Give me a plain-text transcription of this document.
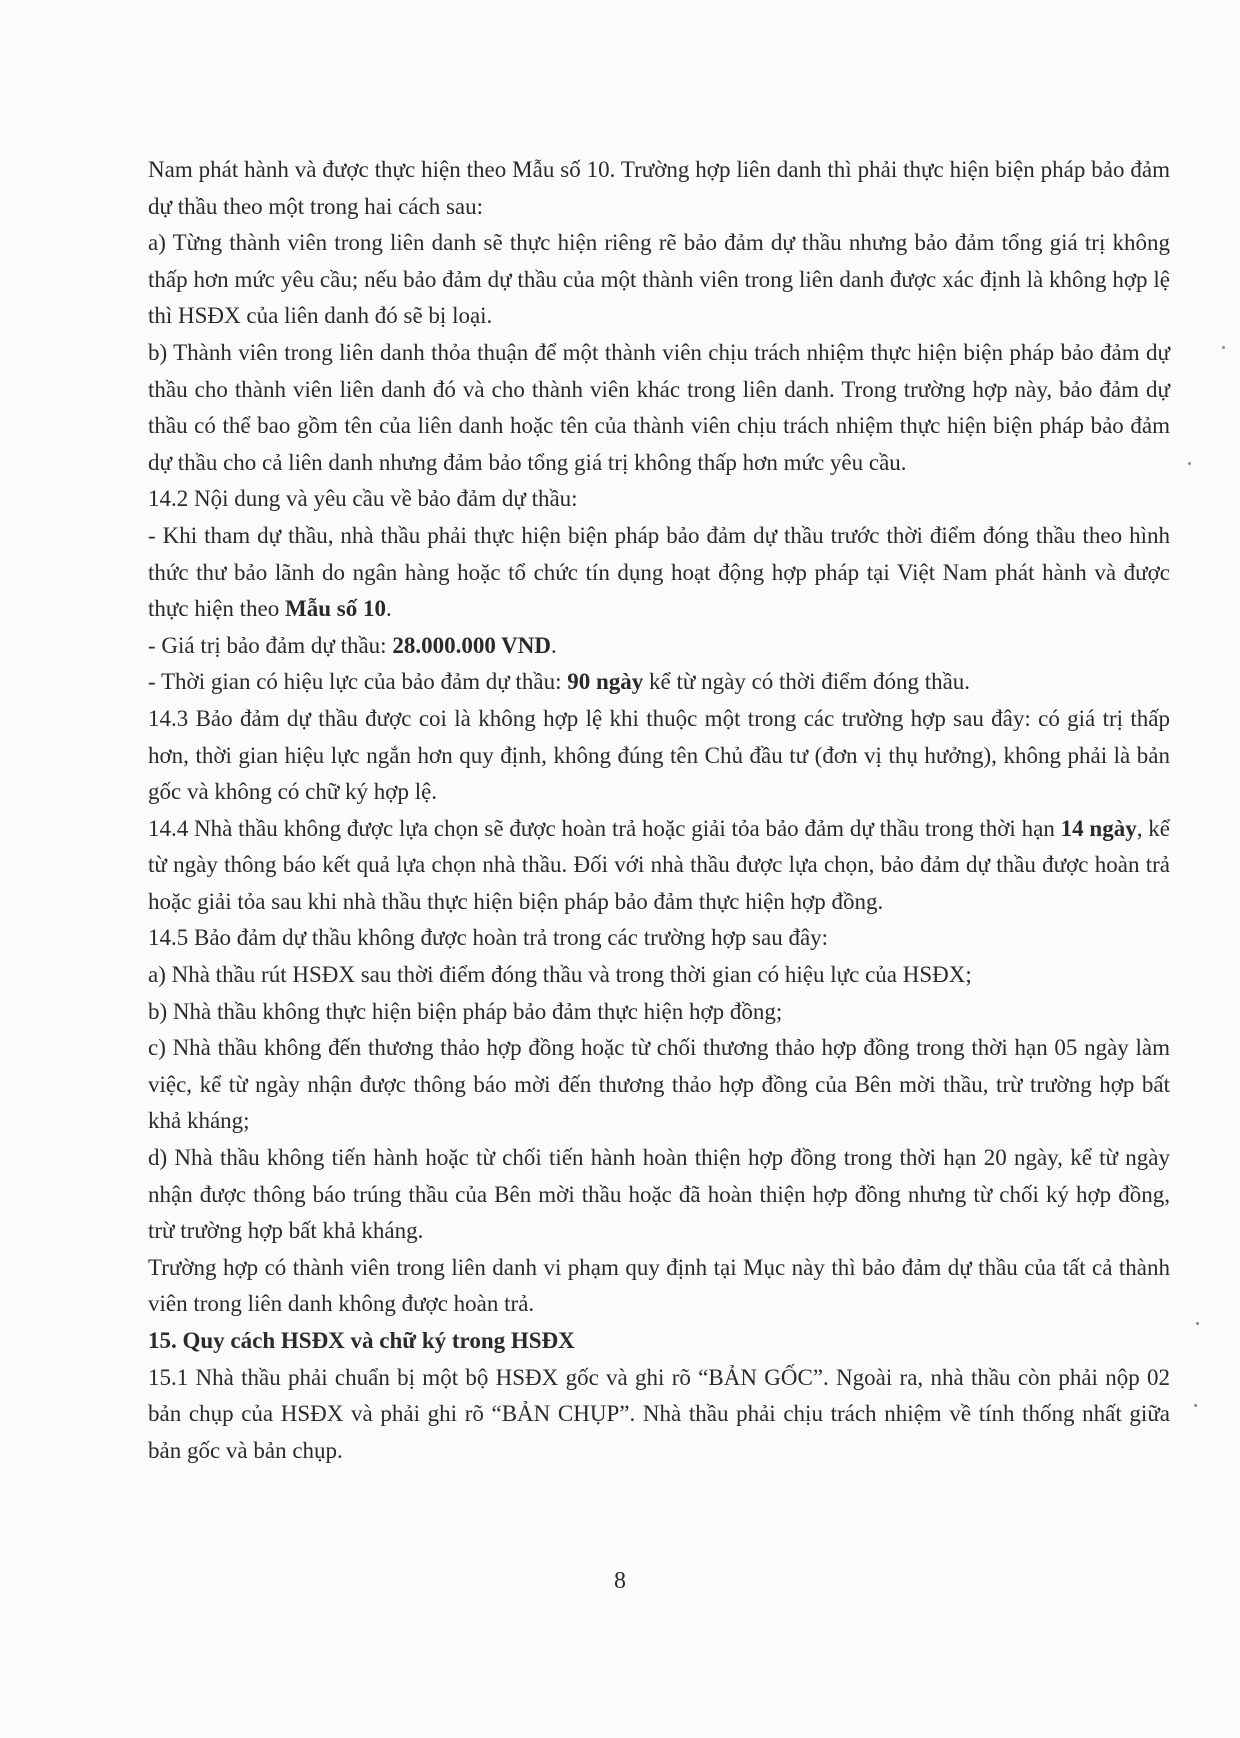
Nam phát hành và được thực hiện theo Mẫu số 10. Trường hợp liên danh thì phải thực hiện biện pháp bảo đảm dự thầu theo một trong hai cách sau:

a) Từng thành viên trong liên danh sẽ thực hiện riêng rẽ bảo đảm dự thầu nhưng bảo đảm tổng giá trị không thấp hơn mức yêu cầu; nếu bảo đảm dự thầu của một thành viên trong liên danh được xác định là không hợp lệ thì HSĐX của liên danh đó sẽ bị loại.

b) Thành viên trong liên danh thỏa thuận để một thành viên chịu trách nhiệm thực hiện biện pháp bảo đảm dự thầu cho thành viên liên danh đó và cho thành viên khác trong liên danh. Trong trường hợp này, bảo đảm dự thầu có thể bao gồm tên của liên danh hoặc tên của thành viên chịu trách nhiệm thực hiện biện pháp bảo đảm dự thầu cho cả liên danh nhưng đảm bảo tổng giá trị không thấp hơn mức yêu cầu.

14.2 Nội dung và yêu cầu về bảo đảm dự thầu:

- Khi tham dự thầu, nhà thầu phải thực hiện biện pháp bảo đảm dự thầu trước thời điểm đóng thầu theo hình thức thư bảo lãnh do ngân hàng hoặc tổ chức tín dụng hoạt động hợp pháp tại Việt Nam phát hành và được thực hiện theo Mẫu số 10.

- Giá trị bảo đảm dự thầu: 28.000.000 VND.

- Thời gian có hiệu lực của bảo đảm dự thầu: 90 ngày kể từ ngày có thời điểm đóng thầu.

14.3 Bảo đảm dự thầu được coi là không hợp lệ khi thuộc một trong các trường hợp sau đây: có giá trị thấp hơn, thời gian hiệu lực ngắn hơn quy định, không đúng tên Chủ đầu tư (đơn vị thụ hưởng), không phải là bản gốc và không có chữ ký hợp lệ.

14.4 Nhà thầu không được lựa chọn sẽ được hoàn trả hoặc giải tỏa bảo đảm dự thầu trong thời hạn 14 ngày, kể từ ngày thông báo kết quả lựa chọn nhà thầu. Đối với nhà thầu được lựa chọn, bảo đảm dự thầu được hoàn trả hoặc giải tỏa sau khi nhà thầu thực hiện biện pháp bảo đảm thực hiện hợp đồng.

14.5 Bảo đảm dự thầu không được hoàn trả trong các trường hợp sau đây:

a) Nhà thầu rút HSĐX sau thời điểm đóng thầu và trong thời gian có hiệu lực của HSĐX;

b) Nhà thầu không thực hiện biện pháp bảo đảm thực hiện hợp đồng;

c) Nhà thầu không đến thương thảo hợp đồng hoặc từ chối thương thảo hợp đồng trong thời hạn 05 ngày làm việc, kể từ ngày nhận được thông báo mời đến thương thảo hợp đồng của Bên mời thầu, trừ trường hợp bất khả kháng;

d) Nhà thầu không tiến hành hoặc từ chối tiến hành hoàn thiện hợp đồng trong thời hạn 20 ngày, kể từ ngày nhận được thông báo trúng thầu của Bên mời thầu hoặc đã hoàn thiện hợp đồng nhưng từ chối ký hợp đồng, trừ trường hợp bất khả kháng.

Trường hợp có thành viên trong liên danh vi phạm quy định tại Mục này thì bảo đảm dự thầu của tất cả thành viên trong liên danh không được hoàn trả.

15. Quy cách HSĐX và chữ ký trong HSĐX

15.1 Nhà thầu phải chuẩn bị một bộ HSĐX gốc và ghi rõ “BẢN GỐC”. Ngoài ra, nhà thầu còn phải nộp 02 bản chụp của HSĐX và phải ghi rõ “BẢN CHỤP”. Nhà thầu phải chịu trách nhiệm về tính thống nhất giữa bản gốc và bản chụp.

8
